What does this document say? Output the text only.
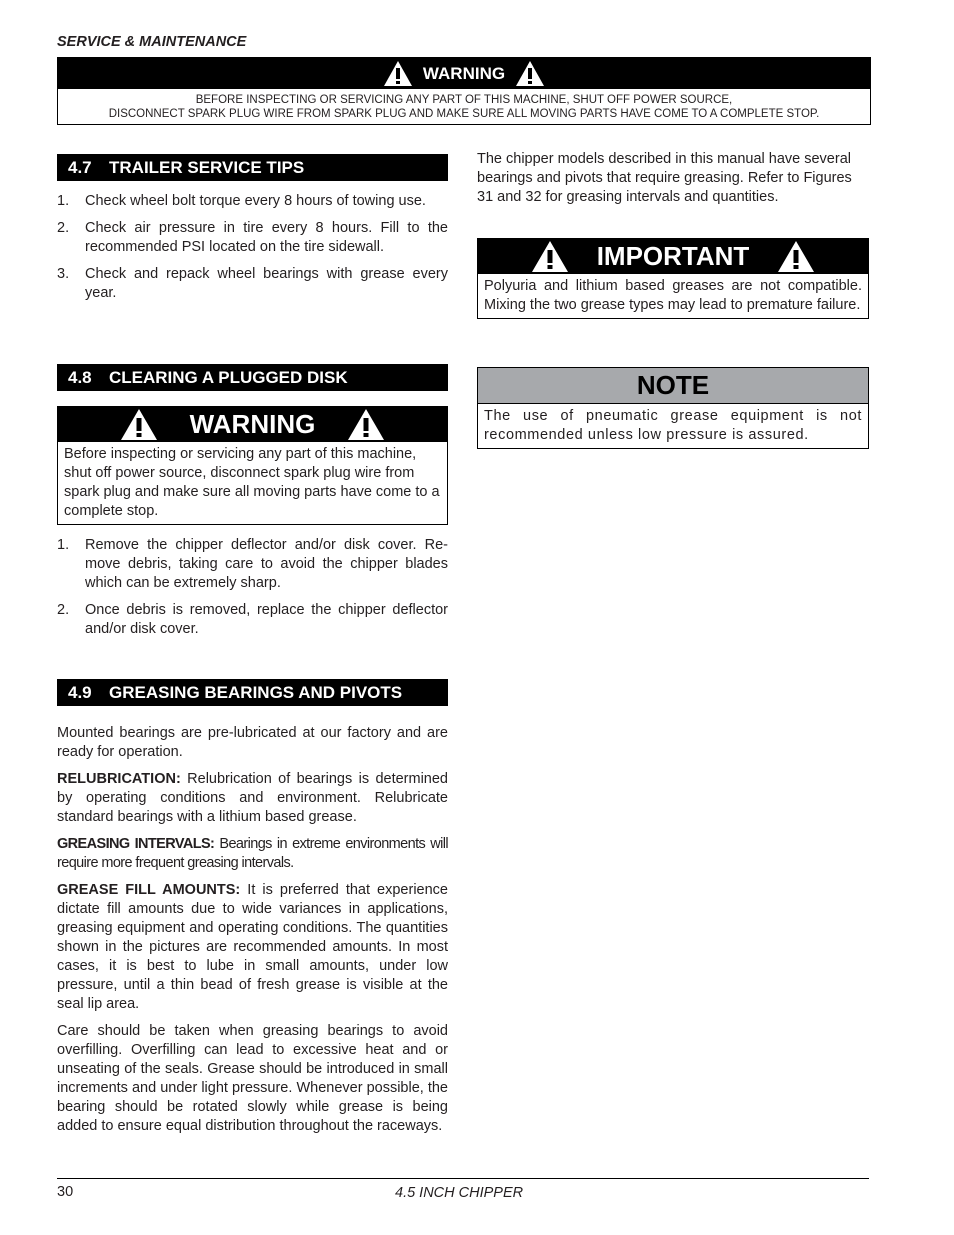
SERVICE & MAINTENANCE
WARNING
BEFORE INSPECTING OR SERVICING ANY PART OF THIS MACHINE, SHUT OFF POWER SOURCE,
DISCONNECT SPARK PLUG WIRE FROM SPARK PLUG AND MAKE SURE ALL MOVING PARTS HAVE COME TO A COMPLETE STOP.
4.7 TRAILER SERVICE TIPS
1.	Check wheel bolt torque every 8 hours of towing use.
2.	Check air pressure in tire every 8 hours. Fill to the recommended PSI located on the tire sidewall.
3.	Check and repack wheel bearings with grease every year.
4.8 CLEARING A PLUGGED DISK
WARNING
Before inspecting or servicing any part of this machine, shut off power source, disconnect spark plug wire from spark plug and make sure all moving parts have come to a complete stop.
1.	Remove the chipper deflector and/or disk cover. Re-move debris, taking care to avoid the chipper blades which can be extremely sharp.
2.	Once debris is removed, replace the chipper deflector and/or disk cover.
4.9 GREASING BEARINGS AND PIVOTS

Mounted bearings are pre-lubricated at our factory and are ready for operation.

RELUBRICATION: Relubrication of bearings is determined by operating conditions and environment. Relubricate standard bearings with a lithium based grease.

GREASING INTERVALS: Bearings in extreme environments will require more frequent greasing intervals.

GREASE FILL AMOUNTS: It is preferred that experience dictate fill amounts due to wide variances in applications, greasing equipment and operating conditions. The quantities shown in the pictures are recommended amounts. In most cases, it is best to lube in small amounts, under low pressure, until a thin bead of fresh grease is visible at the seal lip area.

Care should be taken when greasing bearings to avoid overfilling. Overfilling can lead to excessive heat and or unseating of the seals. Grease should be introduced in small increments and under light pressure. Whenever possible, the bearing should be rotated slowly while grease is being added to ensure equal distribution throughout the raceways.

The chipper models described in this manual have several bearings and pivots that require greasing. Refer to Figures 31 and 32 for greasing intervals and quantities.

IMPORTANT
Polyuria and lithium based greases are not compatible. Mixing the two grease types may lead to premature failure.
NOTE
The use of pneumatic grease equipment is not recommended unless low pressure is assured.
30	4.5 INCH CHIPPER
